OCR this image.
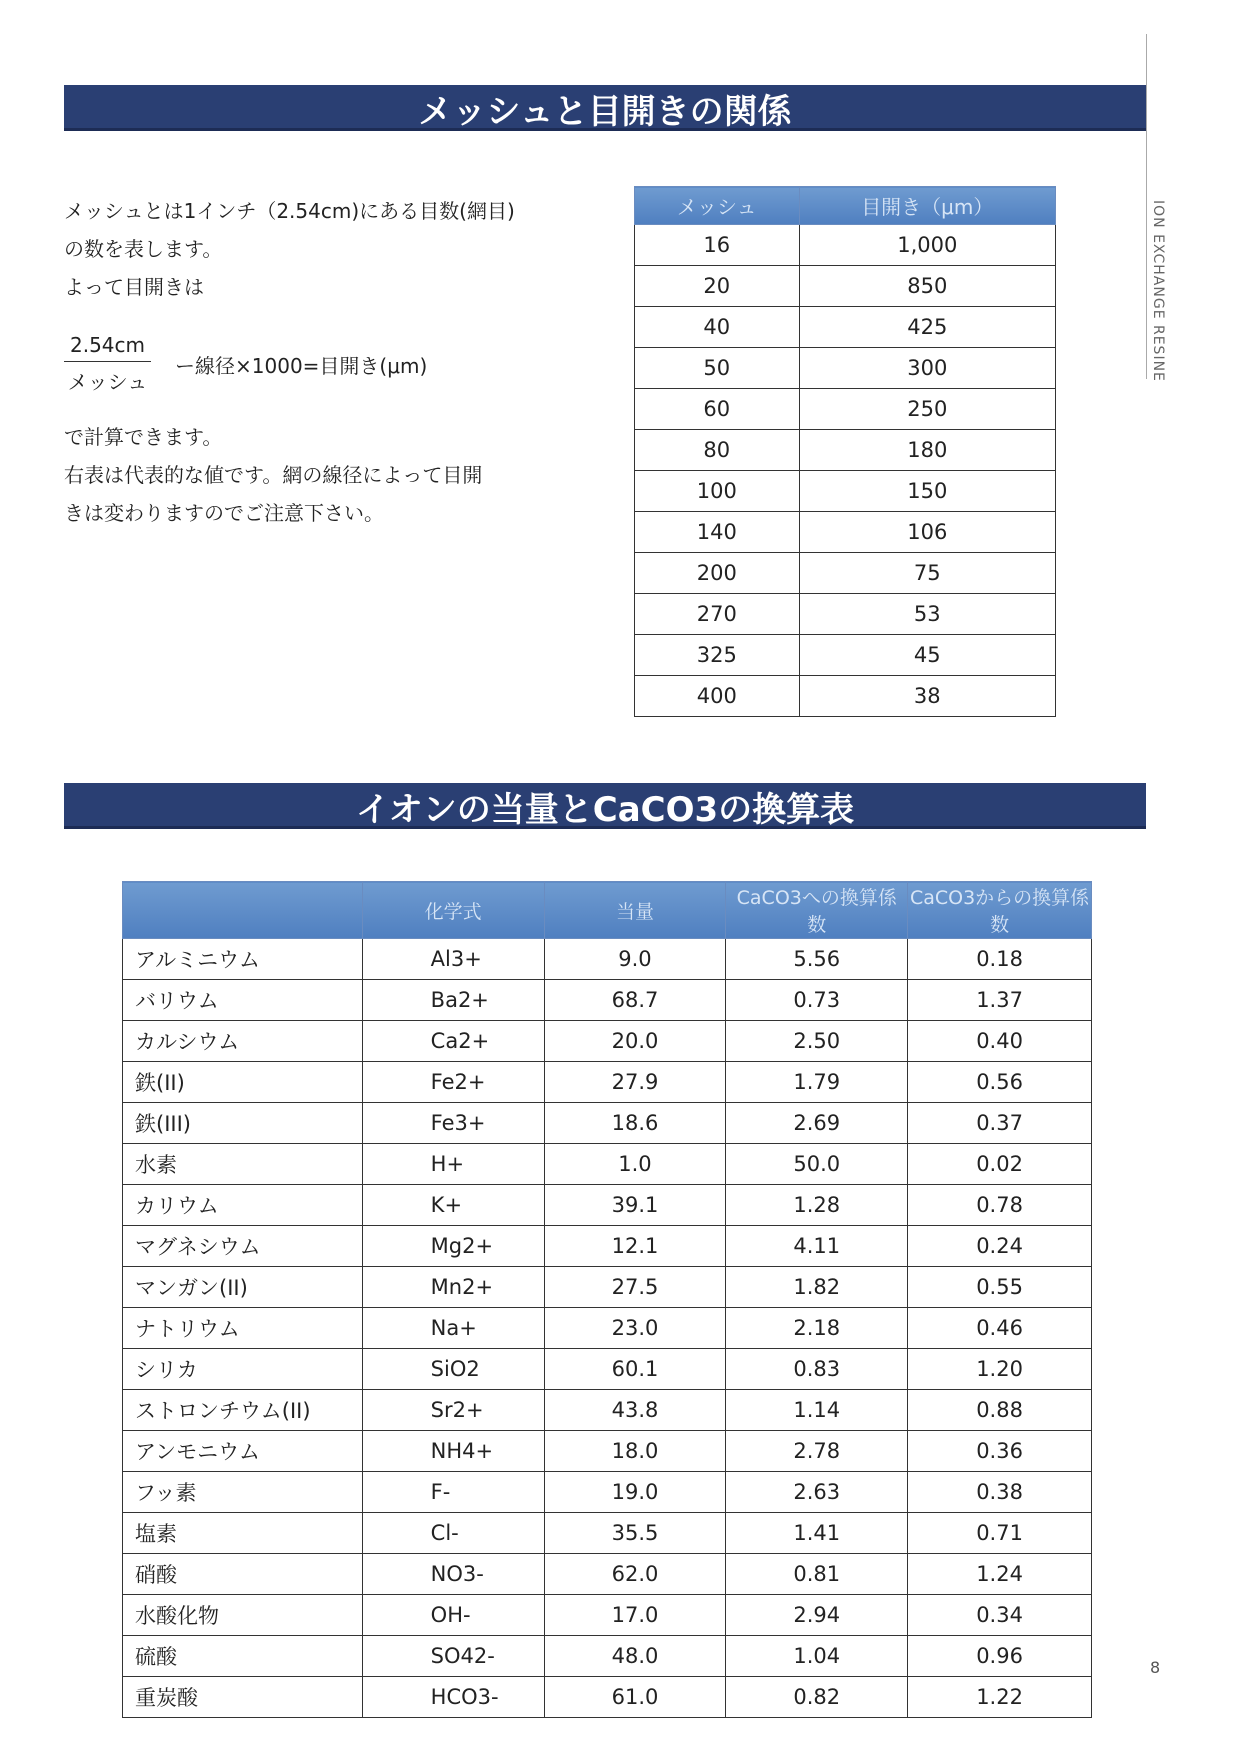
メッシュと目開きの関係
ION EXCHANGE RESINE

メッシュとは1インチ（2.54cm)にある目数(網目)

の数を表します。

よって目開きは

$\frac{2.54cm}{\text{メッシュ}}$ ー線径×1000=目開き(μm)

で計算できます。

右表は代表的な値です。網の線径によって目開

きは変わりますのでご注意下さい。

メッシュ	目開き（μm）
16	1,000
20	850
40	425
50	300
60	250
80	180
100	150
140	106
200	75
270	53
325	45
400	38
イオンの当量とCaCO3の換算表
	化学式	当量	CaCO3への換算係数	CaCO3からの換算係数
アルミニウム	Al3+	9.0	5.56	0.18
バリウム	Ba2+	68.7	0.73	1.37
カルシウム	Ca2+	20.0	2.50	0.40
鉄(II)	Fe2+	27.9	1.79	0.56
鉄(III)	Fe3+	18.6	2.69	0.37
水素	H+	1.0	50.0	0.02
カリウム	K+	39.1	1.28	0.78
マグネシウム	Mg2+	12.1	4.11	0.24
マンガン(II)	Mn2+	27.5	1.82	0.55
ナトリウム	Na+	23.0	2.18	0.46
シリカ	SiO2	60.1	0.83	1.20
ストロンチウム(II)	Sr2+	43.8	1.14	0.88
アンモニウム	NH4+	18.0	2.78	0.36
フッ素	F-	19.0	2.63	0.38
塩素	Cl-	35.5	1.41	0.71
硝酸	NO3-	62.0	0.81	1.24
水酸化物	OH-	17.0	2.94	0.34
硫酸	SO42-	48.0	1.04	0.96
重炭酸	HCO3-	61.0	0.82	1.22
8
